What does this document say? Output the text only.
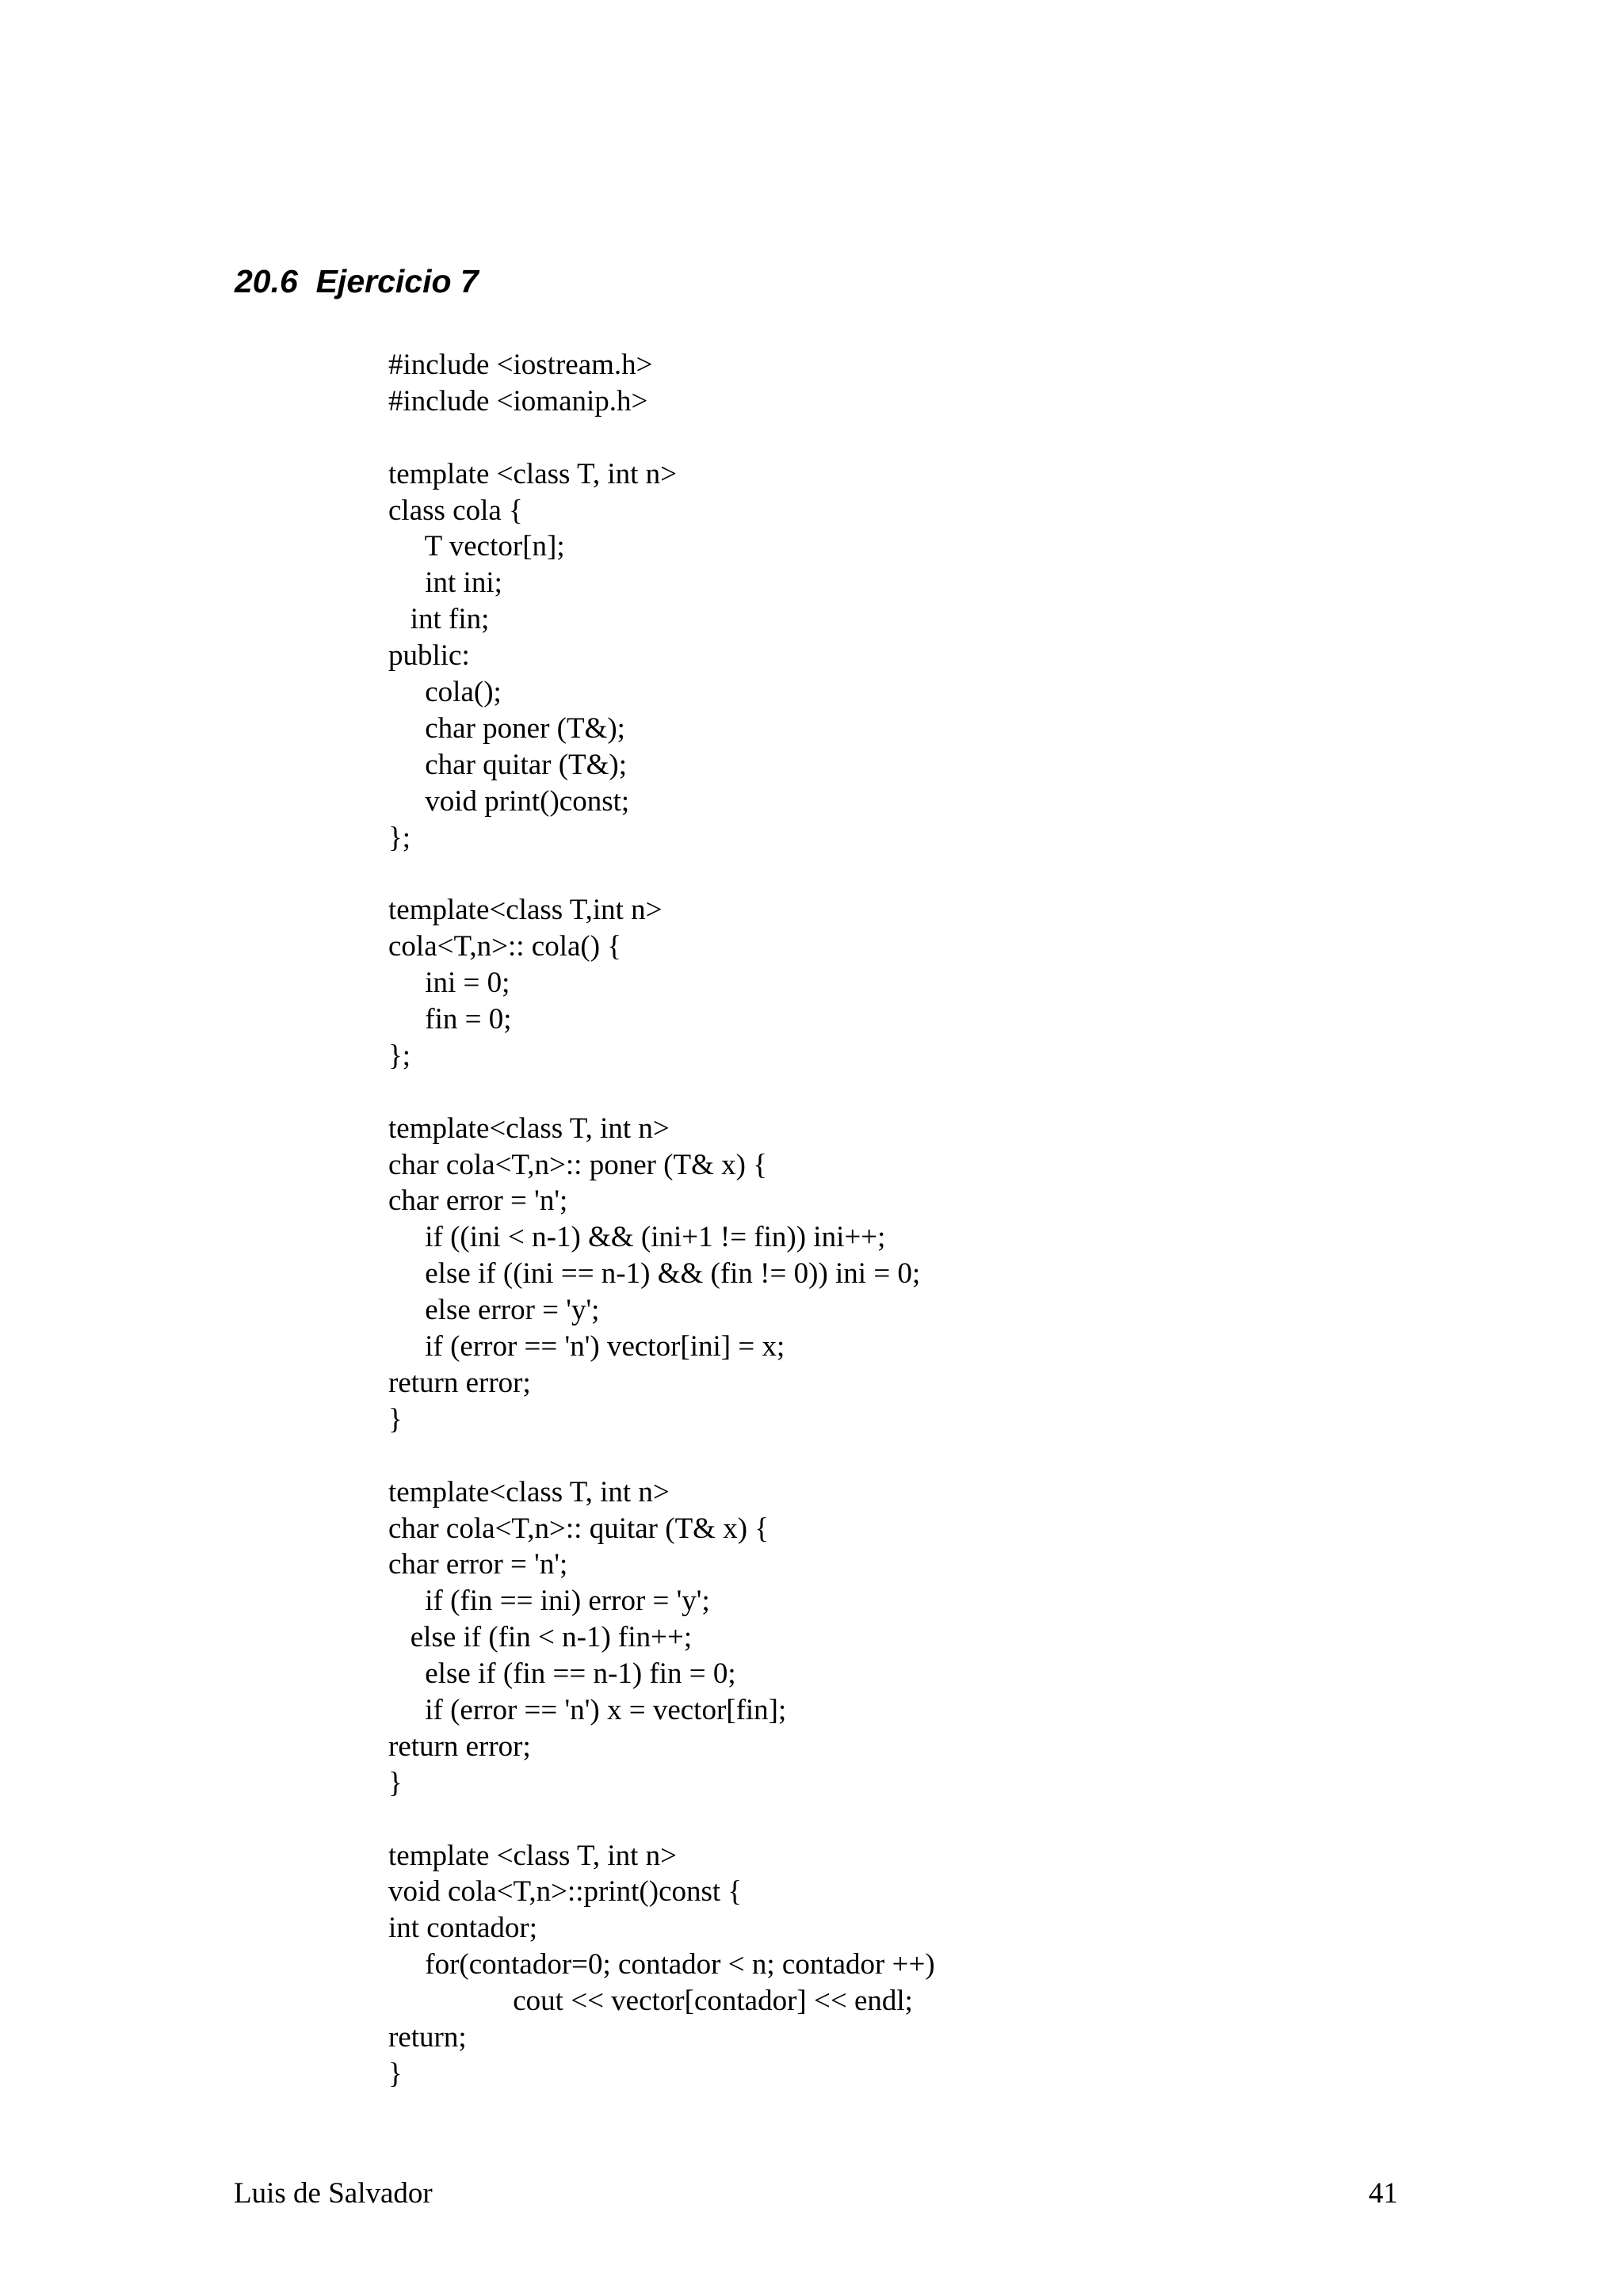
20.6  Ejercicio 7
#include <iostream.h>
#include <iomanip.h>
template <class T, int n>
class cola {
T vector[n];
int ini;
int fin;
public:
cola();
char poner (T&);
char quitar (T&);
void print()const;
};
template<class T,int n>
cola<T,n>:: cola() {
ini = 0;
fin = 0;
};
template<class T, int n>
char cola<T,n>:: poner (T& x) {
char error = 'n';
if ((ini < n-1) && (ini+1 != fin)) ini++;
else if ((ini == n-1) && (fin != 0)) ini = 0;
else error = 'y';
if (error == 'n') vector[ini] = x;
return error;
}
template<class T, int n>
char cola<T,n>:: quitar (T& x) {
char error = 'n';
if (fin == ini) error = 'y';
else if (fin < n-1) fin++;
else if (fin == n-1) fin = 0;
if (error == 'n') x = vector[fin];
return error;
}
template <class T, int n>
void cola<T,n>::print()const {
int contador;
for(contador=0; contador < n; contador ++)
cout << vector[contador] << endl;
return;
}
Luis de Salvador	41
